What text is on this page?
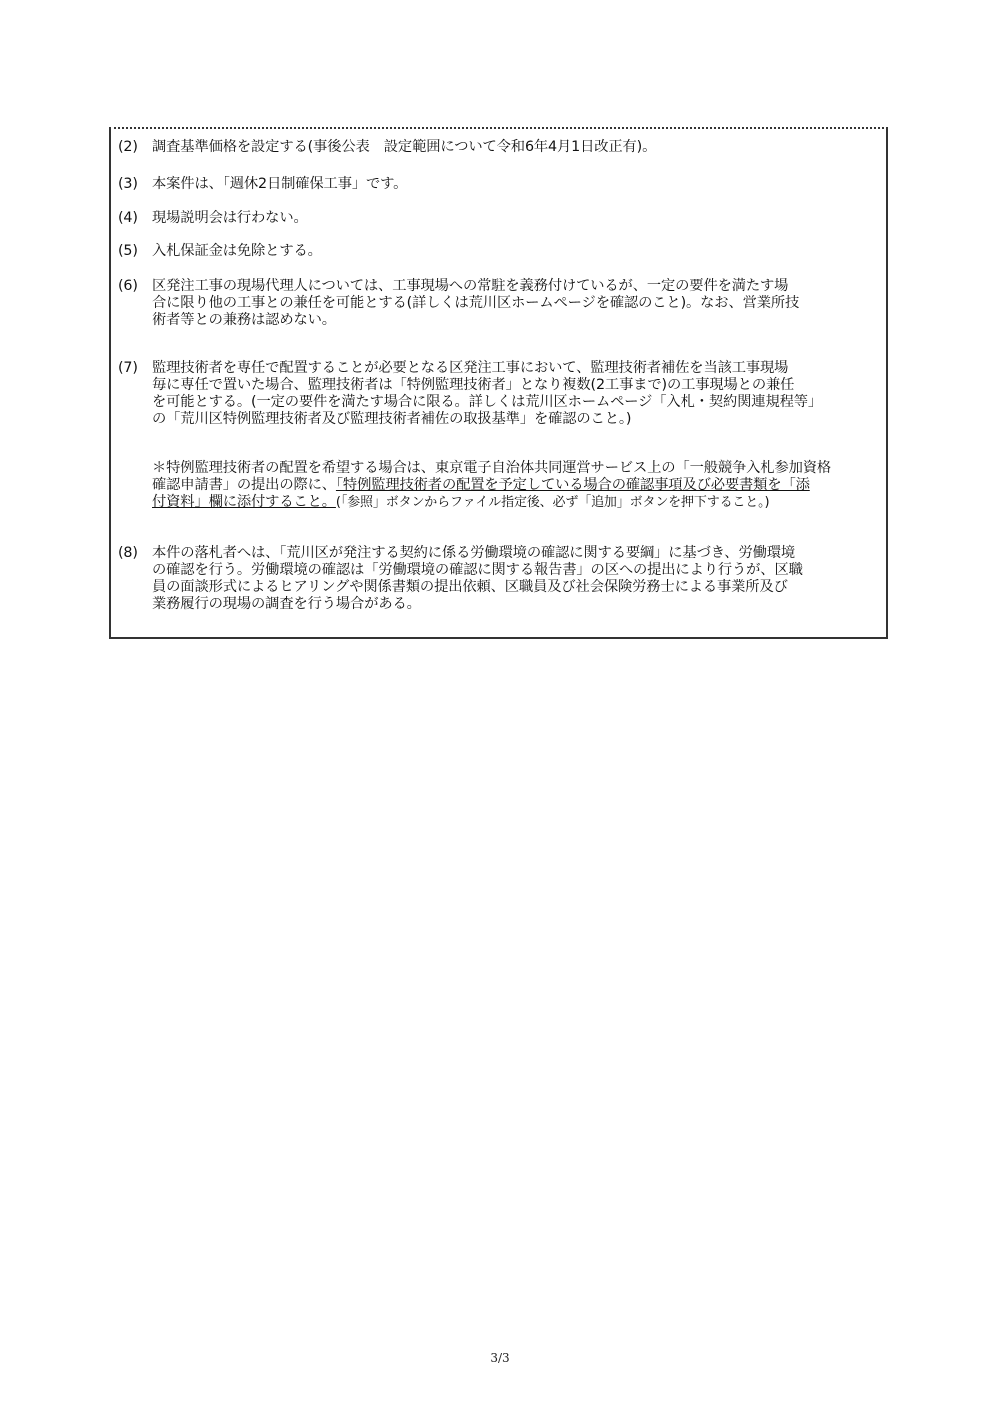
(2) 調査基準価格を設定する(事後公表　設定範囲について令和6年4月1日改正有)。
(3) 本案件は、「週休2日制確保工事」です。
(4) 現場説明会は行わない。
(5) 入札保証金は免除とする。
(6) 区発注工事の現場代理人については、工事現場への常駐を義務付けているが、一定の要件を満たす場
合に限り他の工事との兼任を可能とする(詳しくは荒川区ホームページを確認のこと)。なお、営業所技
術者等との兼務は認めない。
(7) 監理技術者を専任で配置することが必要となる区発注工事において、監理技術者補佐を当該工事現場
毎に専任で置いた場合、監理技術者は「特例監理技術者」となり複数(2工事まで)の工事現場との兼任
を可能とする。(一定の要件を満たす場合に限る。詳しくは荒川区ホームページ「入札・契約関連規程等」
の「荒川区特例監理技術者及び監理技術者補佐の取扱基準」を確認のこと。)
＊特例監理技術者の配置を希望する場合は、東京電子自治体共同運営サービス上の「一般競争入札参加資格
確認申請書」の提出の際に、「特例監理技術者の配置を予定している場合の確認事項及び必要書類を「添
付資料」欄に添付すること。(「参照」ボタンからファイル指定後、必ず「追加」ボタンを押下すること。)
(8) 本件の落札者へは、「荒川区が発注する契約に係る労働環境の確認に関する要綱」に基づき、労働環境
の確認を行う。労働環境の確認は「労働環境の確認に関する報告書」の区への提出により行うが、区職
員の面談形式によるヒアリングや関係書類の提出依頼、区職員及び社会保険労務士による事業所及び
業務履行の現場の調査を行う場合がある。
3/3
